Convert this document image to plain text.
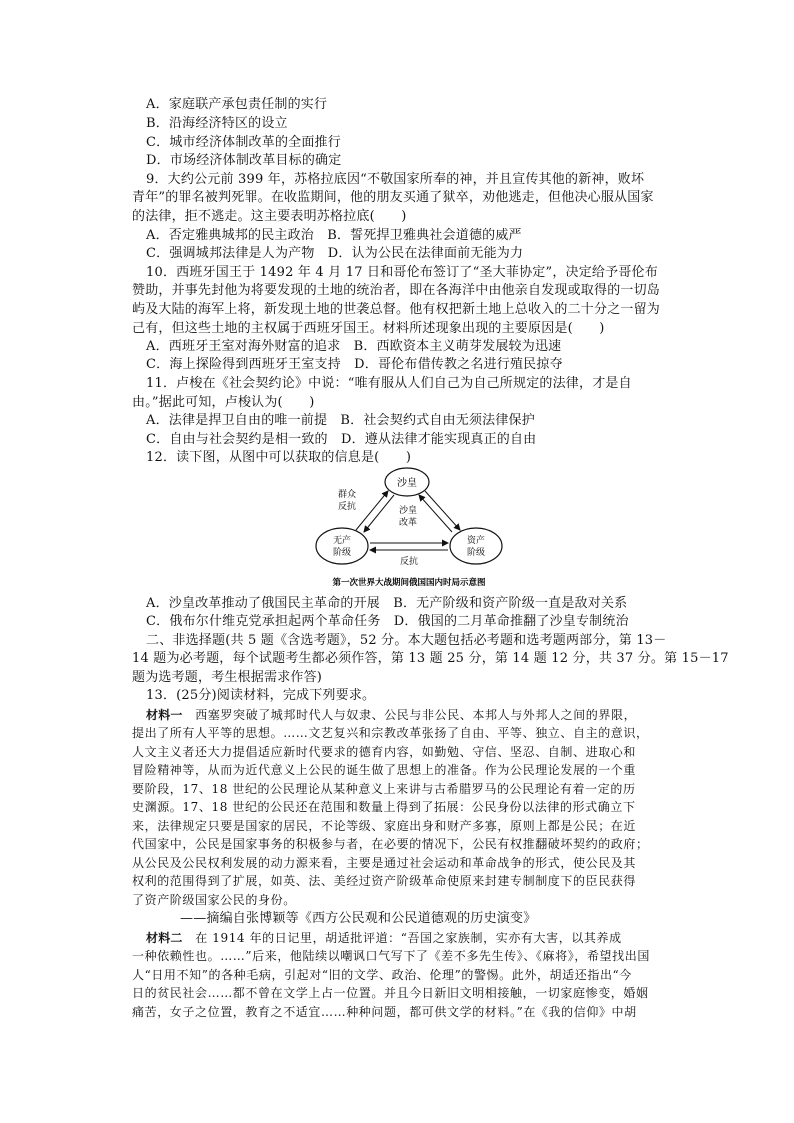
A．家庭联产承包责任制的实行
B．沿海经济特区的设立
C．城市经济体制改革的全面推行
D．市场经济体制改革目标的确定
9．大约公元前 399 年，苏格拉底因“不敬国家所奉的神，并且宣传其他的新神，败坏
青年”的罪名被判死罪。在收监期间，他的朋友买通了狱卒，劝他逃走，但他决心服从国家
的法律，拒不逃走。这主要表明苏格拉底(　　)
A．否定雅典城邦的民主政治　B．誓死捍卫雅典社会道德的威严
C．强调城邦法律是人为产物　D．认为公民在法律面前无能为力
10．西班牙国王于 1492 年 4 月 17 日和哥伦布签订了“圣大菲协定”，决定给予哥伦布
赞助，并事先封他为将要发现的土地的统治者，即在各海洋中由他亲自发现或取得的一切岛
屿及大陆的海军上将，新发现土地的世袭总督。他有权把新土地上总收入的二十分之一留为
己有，但这些土地的主权属于西班牙国王。材料所述现象出现的主要原因是(　　)
A．西班牙王室对海外财富的追求　B．西欧资本主义萌芽发展较为迅速
C．海上探险得到西班牙王室支持　D．哥伦布借传教之名进行殖民掠夺
11．卢梭在《社会契约论》中说：“唯有服从人们自己为自己所规定的法律，才是自
由。”据此可知，卢梭认为(　　)
A．法律是捍卫自由的唯一前提　B．社会契约式自由无须法律保护
C．自由与社会契约是相一致的　D．遵从法律才能实现真正的自由
12．读下图，从图中可以获取的信息是(　　)
沙皇
无产
阶级
资产
阶级
群众
反抗	沙皇
改革
反抗
第一次世界大战期间俄国国内时局示意图
A．沙皇改革推动了俄国民主革命的开展　B．无产阶级和资产阶级一直是敌对关系
C．俄布尔什维克党承担起两个革命任务　D．俄国的二月革命推翻了沙皇专制统治
二、非选择题(共 5 题《含选考题》，52 分。本大题包括必考题和选考题两部分，第 13－
14 题为必考题，每个试题考生都必须作答，第 13 题 25 分，第 14 题 12 分，共 37 分。第 15－17
题为选考题，考生根据需求作答)
13．(25分)阅读材料，完成下列要求。
材料一　西塞罗突破了城邦时代人与奴隶、公民与非公民、本邦人与外邦人之间的界限，
提出了所有人平等的思想。……文艺复兴和宗教改革张扬了自由、平等、独立、自主的意识，
人文主义者还大力提倡适应新时代要求的德育内容，如勤勉、守信、坚忍、自制、进取心和
冒险精神等，从而为近代意义上公民的诞生做了思想上的准备。作为公民理论发展的一个重
要阶段，17、18 世纪的公民理论从某种意义上来讲与古希腊罗马的公民理论有着一定的历
史渊源。17、18 世纪的公民还在范围和数量上得到了拓展：公民身份以法律的形式确立下
来，法律规定只要是国家的居民，不论等级、家庭出身和财产多寡，原则上都是公民；在近
代国家中，公民是国家事务的积极参与者，在必要的情况下，公民有权推翻破坏契约的政府；
从公民及公民权利发展的动力源来看，主要是通过社会运动和革命战争的形式，使公民及其
权利的范围得到了扩展，如英、法、美经过资产阶级革命使原来封建专制制度下的臣民获得
了资产阶级国家公民的身份。
——摘编自张博颖等《西方公民观和公民道德观的历史演变》
材料二　在 1914 年的日记里，胡适批评道：“吾国之家族制，实亦有大害，以其养成
一种依赖性也。……”后来，他陆续以嘲讽口气写下了《差不多先生传》、《麻将》，希望找出国
人“日用不知”的各种毛病，引起对“旧的文学、政治、伦理”的警惕。此外，胡适还指出“今
日的贫民社会……都不曾在文学上占一位置。并且今日新旧文明相接触，一切家庭惨变，婚姻
痛苦，女子之位置，教育之不适宜……种种问题，都可供文学的材料。”在《我的信仰》中胡
